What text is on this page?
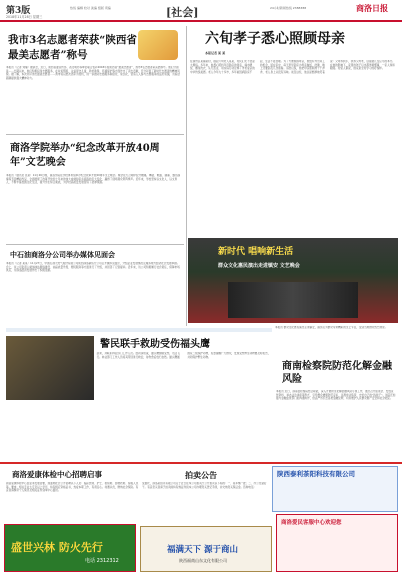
第3版
2018年11月28日 星期三
热线 编辑 校对 美编 组版 责编	[社会]	24小时新闻热线 2388388	商洛日报
我市3名志愿者荣获“陕西省最美志愿者”称号
本报讯（记者 刘瑞）据消息，近日，陕西省委宣传部、省文明办等单位联合表彰2018年度陕西省“最美志愿者”，我市3名志愿者荣获此称号。他们分别是……长期以来，他们积极投身志愿服务，在扶贫帮困、关爱留守儿童、助老助残、环境保护等方面作出了突出贡献，充分彰显了新时代志愿者的精神风貌。据了解，本次共评选出最美志愿者……我市将以此次表彰为契机，进一步推动志愿服务制度化、常态化，营造人人参与志愿服务的良好氛围，为追赶超越提供强大精神动力。
商洛学院举办“纪念改革开放40周年”文艺晚会
本报讯（通讯员 张某）11月26日晚，商洛学院在学校体育馆举办纪念改革开放40周年文艺晚会。晚会在大合唱中拉开帷幕，舞蹈、歌曲、朗诵、器乐演奏等节目精彩纷呈，全面展现了改革开放四十年来的伟大成就和家乡商洛的巨大变化，赢得了现场观众阵阵掌声。近年来，学校坚持以文化人、以文育人，不断丰富校园文化生活，提升学生综合素质，为学校高质量发展营造了浓厚氛围。
中石油商洛分公司举办媒体见面会
本报讯（记者 某某）11月27日，中国石油天然气股份有限公司陕西商洛销售分公司召开媒体见面会，介绍企业发展情况及服务地方经济社会发展举措。会上，该公司负责人就加油站网络建设、油品质量升级、便民服务等方面进行了介绍，并回答了记者提问。近年来，该公司积极履行社会责任，保障市场供应，为商洛经济发展作出了积极贡献。
六旬孝子悉心照顾母亲
本报记者 某 某
在商州区某镇某村，提起六旬老人某某，村民们无不竖起大拇指。多年来，他悉心照料年迈卧床的母亲，端水喂饭、擦身洗衣，从无怨言，用实际行动诠释了孝老爱亲的中华传统美德。老人今年九十多岁，多年前因病卧床不起，生活不能自理。为了方便照顾母亲，他放弃外出务工的机会，留在家中，每天早早起床为母亲做饭、洗漱，晚上还要起夜几次照看。邻居们说，他把母亲照顾得干干净净，老人身上从没有异味。谈及这些，他总是憨厚地笑着说：父母养我小，我养父母老，这是做儿女应尽的本分。在他的影响下，家里的孩子们也都孝顺懂事，一家人和和睦睦。村里人都说，他家是全村学习的好榜样。
新时代 唱响新生活
群众文化惠民演出走进镇安 文艺晚会
本报讯 群众文化惠民演出走进镇安，演员们为群众带来精彩的文艺节目，受到当地群众热烈欢迎。
商南检察院防范化解金融风险
本报讯 近日，商南县检察院结合职能，深入开展防范化解金融风险专项工作，通过召开座谈会、发放宣传资料、举办法治讲座等形式，引导群众增强防范意识，远离非法集资，守好自己的“钱袋子”。该院还加强与金融监管部门的沟通协作，依法严厉打击各类金融犯罪，切实维护人民群众财产安全和社会稳定。
警民联手救助受伤福头鹰
起来，并联系林业部门工作人员。经初步检查，猫头鹰翅膀受伤，无法飞行。林业部门工作人员将其带回进行救治，待伤愈后放归自然。猫头鹰属国家二级保护动物，民警提醒广大群众，发现受伤野生动物要及时报告，共同保护野生动物。
商洛爱康体检中心招聘启事
商洛爱康体检中心因业务发展需要，现面向社会公开招聘以下人员：临床医师、护士、检验师、影像技师、客服人员等。要求：相关专业大专及以上学历，持有相应资格证书，热爱本职工作，有责任心。待遇从优，缴纳社会保险。有意者请携带个人简历及相关证件到本中心面试。
拍卖公告
受委托，商洛某拍卖有限公司定于近日在本公司拍卖厅公开拍卖以下标的：一、某车辆一批；二、办公设备若干。有意竞买者请于拍卖前持有效证件到本公司办理竞买登记手续，并交纳竞买保证金。咨询电话：
陕西泰利茶阳科技有限公司
盛世兴林 防火先行
电话 2312312
福满天下 源于商山
陕西福商山东文化有限公司
商洛爱民客服中心欢迎您
